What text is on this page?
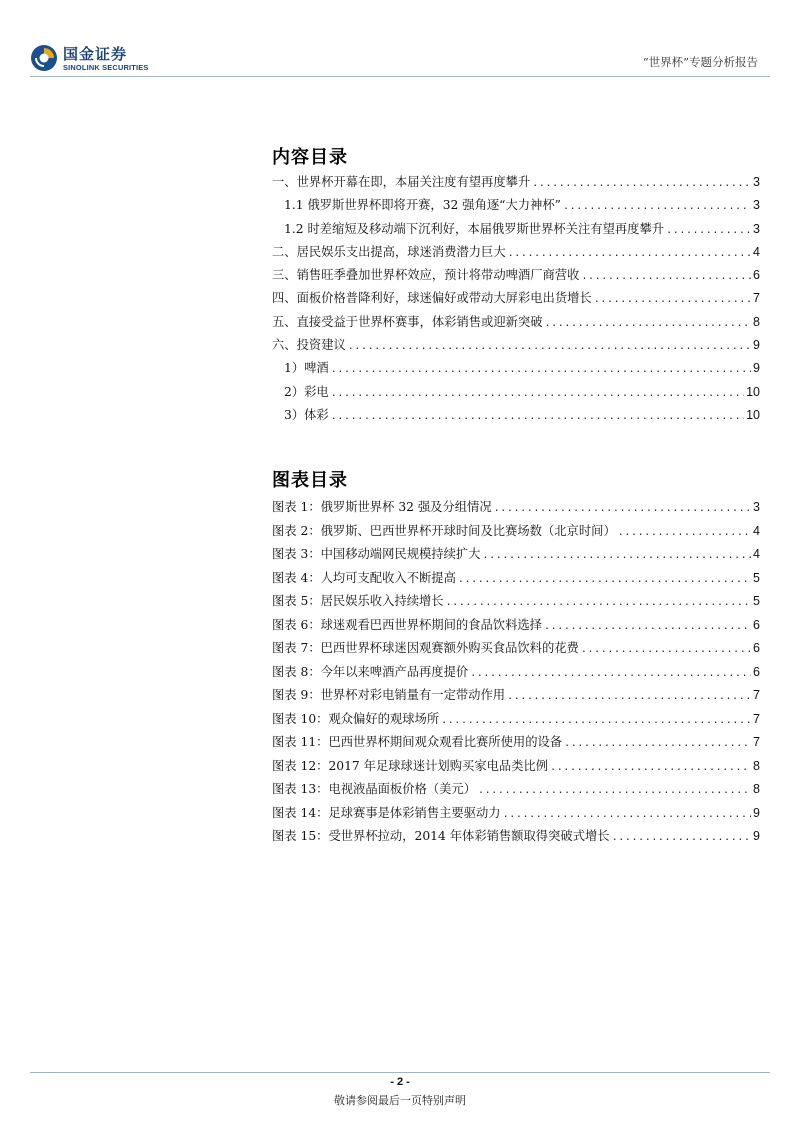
国金证券
SINOLINK SECURITIES	“世界杯”专题分析报告
内容目录
一、世界杯开幕在即，本届关注度有望再度攀升 .....	3
1.1 俄罗斯世界杯即将开赛，32 强角逐“大力神杯” .....	3
1.2 时差缩短及移动端下沉利好，本届俄罗斯世界杯关注有望再度攀升 .....	3
二、居民娱乐支出提高，球迷消费潜力巨大 .....	4
三、销售旺季叠加世界杯效应，预计将带动啤酒厂商营收 .....	6
四、面板价格普降利好，球迷偏好或带动大屏彩电出货增长 .....	7
五、直接受益于世界杯赛事，体彩销售或迎新突破 .....	8
六、投资建议 .....	9
1）啤酒 .....	9
2）彩电 .....	10
3）体彩 .....	10
图表目录
图表 1：俄罗斯世界杯 32 强及分组情况 .....	3
图表 2：俄罗斯、巴西世界杯开球时间及比赛场数（北京时间） .....	4
图表 3：中国移动端网民规模持续扩大 .....	4
图表 4：人均可支配收入不断提高 .....	5
图表 5：居民娱乐收入持续增长 .....	5
图表 6：球迷观看巴西世界杯期间的食品饮料选择 .....	6
图表 7：巴西世界杯球迷因观赛额外购买食品饮料的花费 .....	6
图表 8：今年以来啤酒产品再度提价 .....	6
图表 9：世界杯对彩电销量有一定带动作用 .....	7
图表 10：观众偏好的观球场所 .....	7
图表 11：巴西世界杯期间观众观看比赛所使用的设备 .....	7
图表 12：2017 年足球球迷计划购买家电品类比例 .....	8
图表 13：电视液晶面板价格（美元） .....	8
图表 14：足球赛事是体彩销售主要驱动力 .....	9
图表 15：受世界杯拉动，2014 年体彩销售额取得突破式增长 .....	9
- 2 -
敬请参阅最后一页特别声明
